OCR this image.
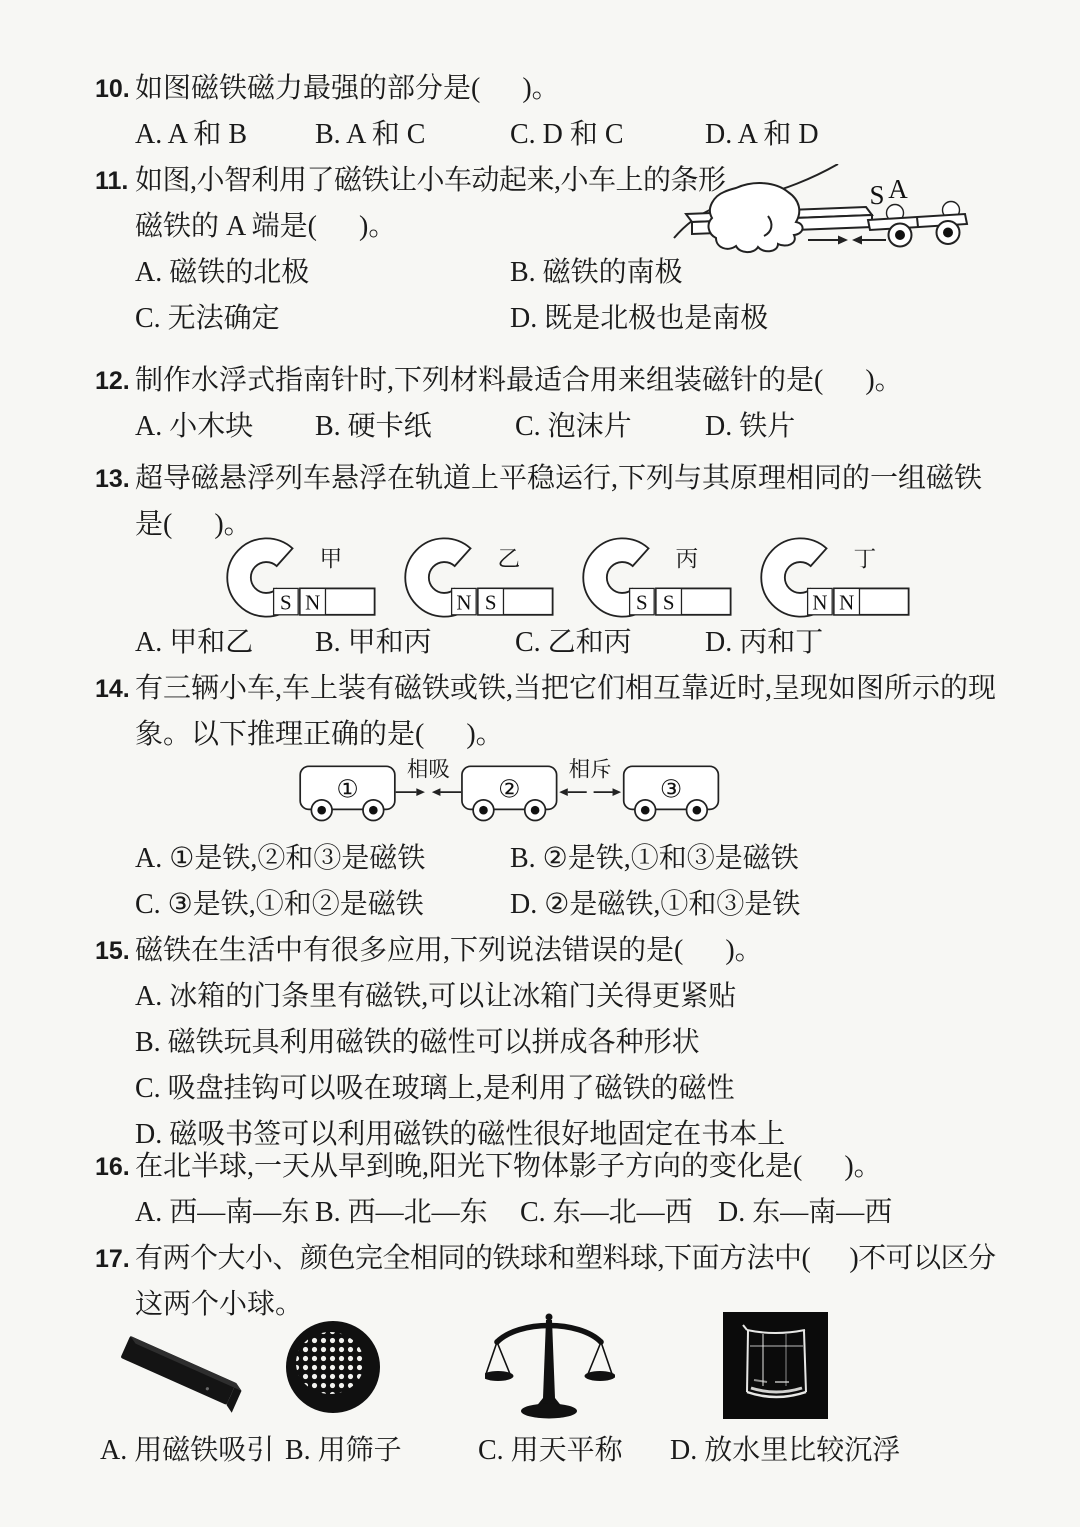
10. 如图磁铁磁力最强的部分是(      )。
A. A 和 B	B. A 和 C	C. D 和 C	D. A 和 D
S A
11. 如图,小智利用了磁铁让小车动起来,小车上的条形
磁铁的 A 端是(      )。
A. 磁铁的北极	B. 磁铁的南极
C. 无法确定	D. 既是北极也是南极
12. 制作水浮式指南针时,下列材料最适合用来组装磁针的是(      )。
A. 小木块	B. 硬卡纸	C. 泡沫片	D. 铁片
13. 超导磁悬浮列车悬浮在轨道上平稳运行,下列与其原理相同的一组磁铁
是(      )。
甲
S N
乙
N S
丙
S S
丁
N N
A. 甲和乙	B. 甲和丙	C. 乙和丙	D. 丙和丁
14. 有三辆小车,车上装有磁铁或铁,当把它们相互靠近时,呈现如图所示的现
象。以下推理正确的是(      )。
①
相吸
②
相斥
③
A. ①是铁,②和③是磁铁	B. ②是铁,①和③是磁铁
C. ③是铁,①和②是磁铁	D. ②是磁铁,①和③是铁
15. 磁铁在生活中有很多应用,下列说法错误的是(      )。
A. 冰箱的门条里有磁铁,可以让冰箱门关得更紧贴
B. 磁铁玩具利用磁铁的磁性可以拼成各种形状
C. 吸盘挂钩可以吸在玻璃上,是利用了磁铁的磁性
D. 磁吸书签可以利用磁铁的磁性很好地固定在书本上
16. 在北半球,一天从早到晚,阳光下物体影子方向的变化是(      )。
A. 西—南—东 B. 西—北—东	C. 东—北—西 D. 东—南—西
17. 有两个大小、颜色完全相同的铁球和塑料球,下面方法中(      )不可以区分
这两个小球。
A. 用磁铁吸引 B. 用筛子	C. 用天平称 D. 放水里比较沉浮
